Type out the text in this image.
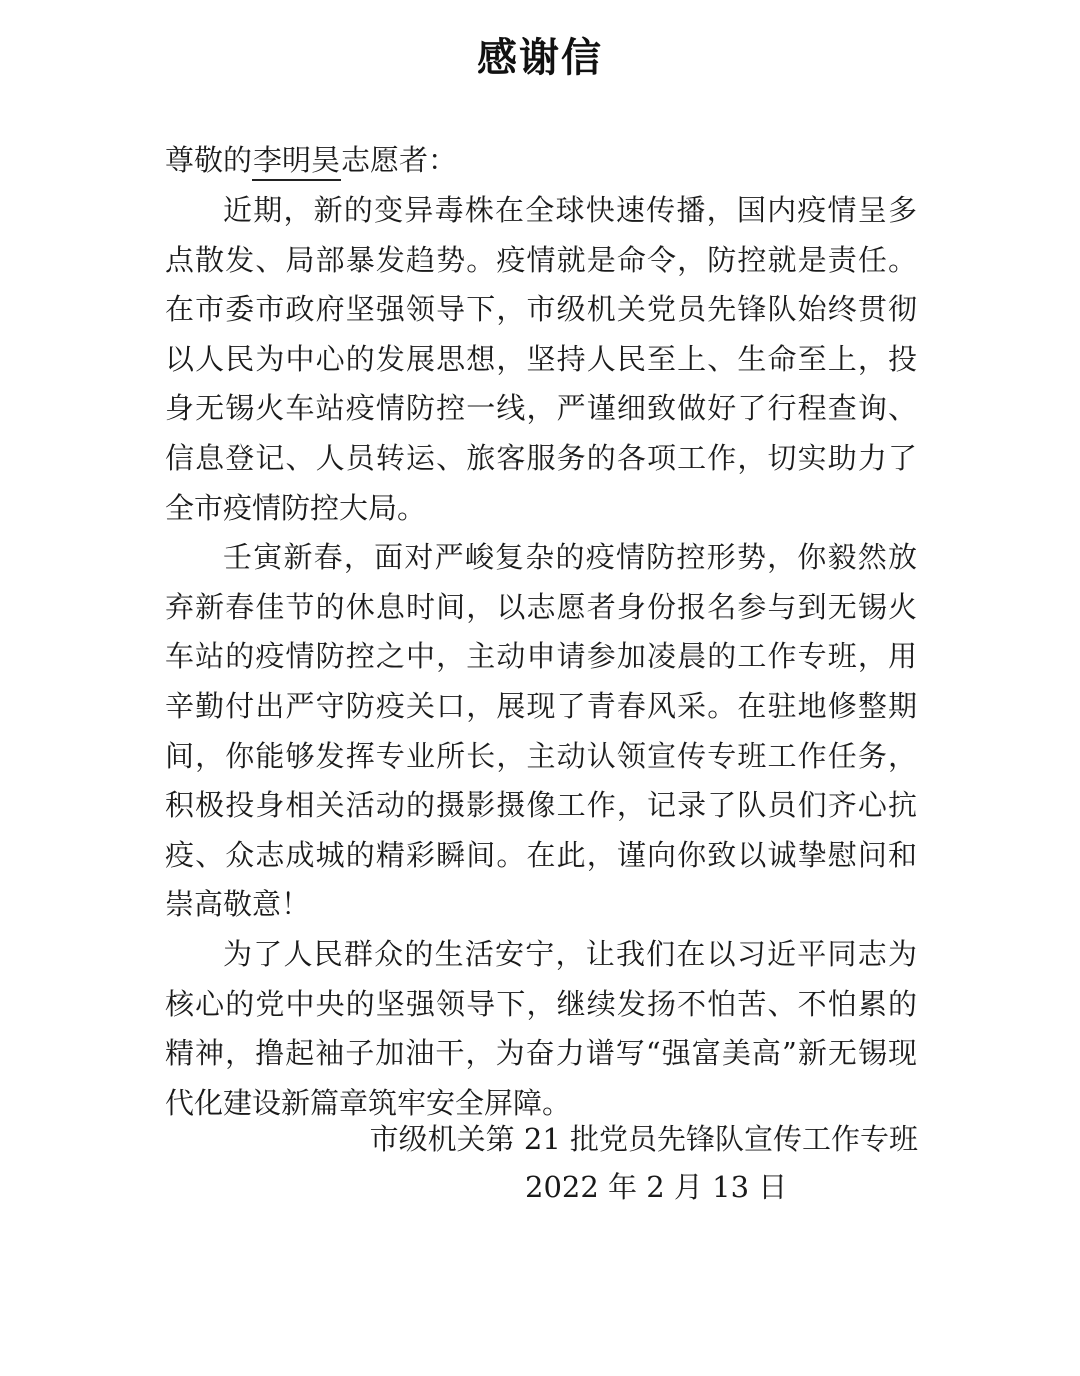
感谢信
尊敬的李明昊志愿者：

近期，新的变异毒株在全球快速传播，国内疫情呈多点散发、局部暴发趋势。疫情就是命令，防控就是责任。在市委市政府坚强领导下，市级机关党员先锋队始终贯彻以人民为中心的发展思想，坚持人民至上、生命至上，投身无锡火车站疫情防控一线，严谨细致做好了行程查询、信息登记、人员转运、旅客服务的各项工作，切实助力了全市疫情防控大局。

壬寅新春，面对严峻复杂的疫情防控形势，你毅然放弃新春佳节的休息时间，以志愿者身份报名参与到无锡火车站的疫情防控之中，主动申请参加凌晨的工作专班，用辛勤付出严守防疫关口，展现了青春风采。在驻地修整期间，你能够发挥专业所长，主动认领宣传专班工作任务，积极投身相关活动的摄影摄像工作，记录了队员们齐心抗疫、众志成城的精彩瞬间。在此，谨向你致以诚挚慰问和崇高敬意！

为了人民群众的生活安宁，让我们在以习近平同志为核心的党中央的坚强领导下，继续发扬不怕苦、不怕累的精神，撸起袖子加油干，为奋力谱写“强富美高”新无锡现代化建设新篇章筑牢安全屏障。

市级机关第 21 批党员先锋队宣传工作专班
2022 年 2 月 13 日
